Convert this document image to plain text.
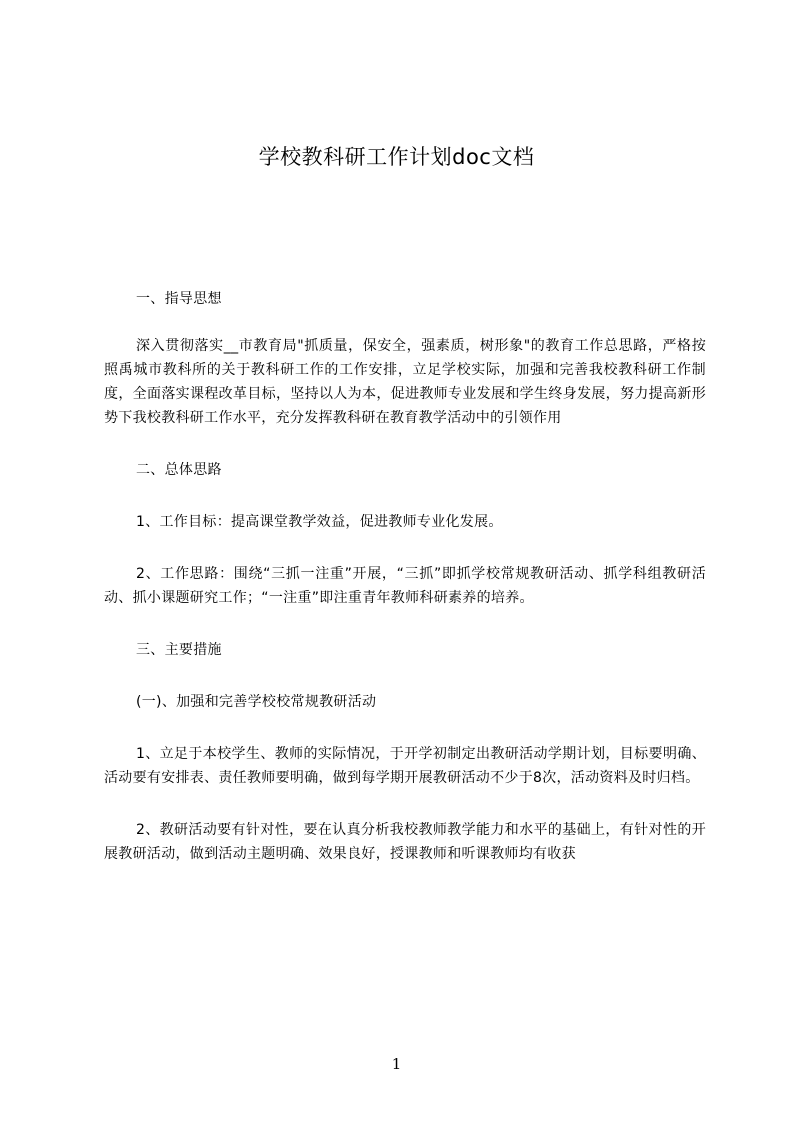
学校教科研工作计划doc文档

一、指导思想

深入贯彻落实__市教育局"抓质量，保安全，强素质，树形象"的教育工作总思路，严格按照禹城市教科所的关于教科研工作的工作安排，立足学校实际，加强和完善我校教科研工作制度，全面落实课程改革目标，坚持以人为本，促进教师专业发展和学生终身发展，努力提高新形势下我校教科研工作水平，充分发挥教科研在教育教学活动中的引领作用

二、总体思路

1、工作目标：提高课堂教学效益，促进教师专业化发展。

2、工作思路：围绕“三抓一注重”开展，“三抓”即抓学校常规教研活动、抓学科组教研活动、抓小课题研究工作；“一注重”即注重青年教师科研素养的培养。

三、主要措施

(一)、加强和完善学校校常规教研活动

1、立足于本校学生、教师的实际情况，于开学初制定出教研活动学期计划，目标要明确、活动要有安排表、责任教师要明确，做到每学期开展教研活动不少于8次，活动资料及时归档。

2、教研活动要有针对性，要在认真分析我校教师教学能力和水平的基础上，有针对性的开展教研活动，做到活动主题明确、效果良好，授课教师和听课教师均有收获

1
